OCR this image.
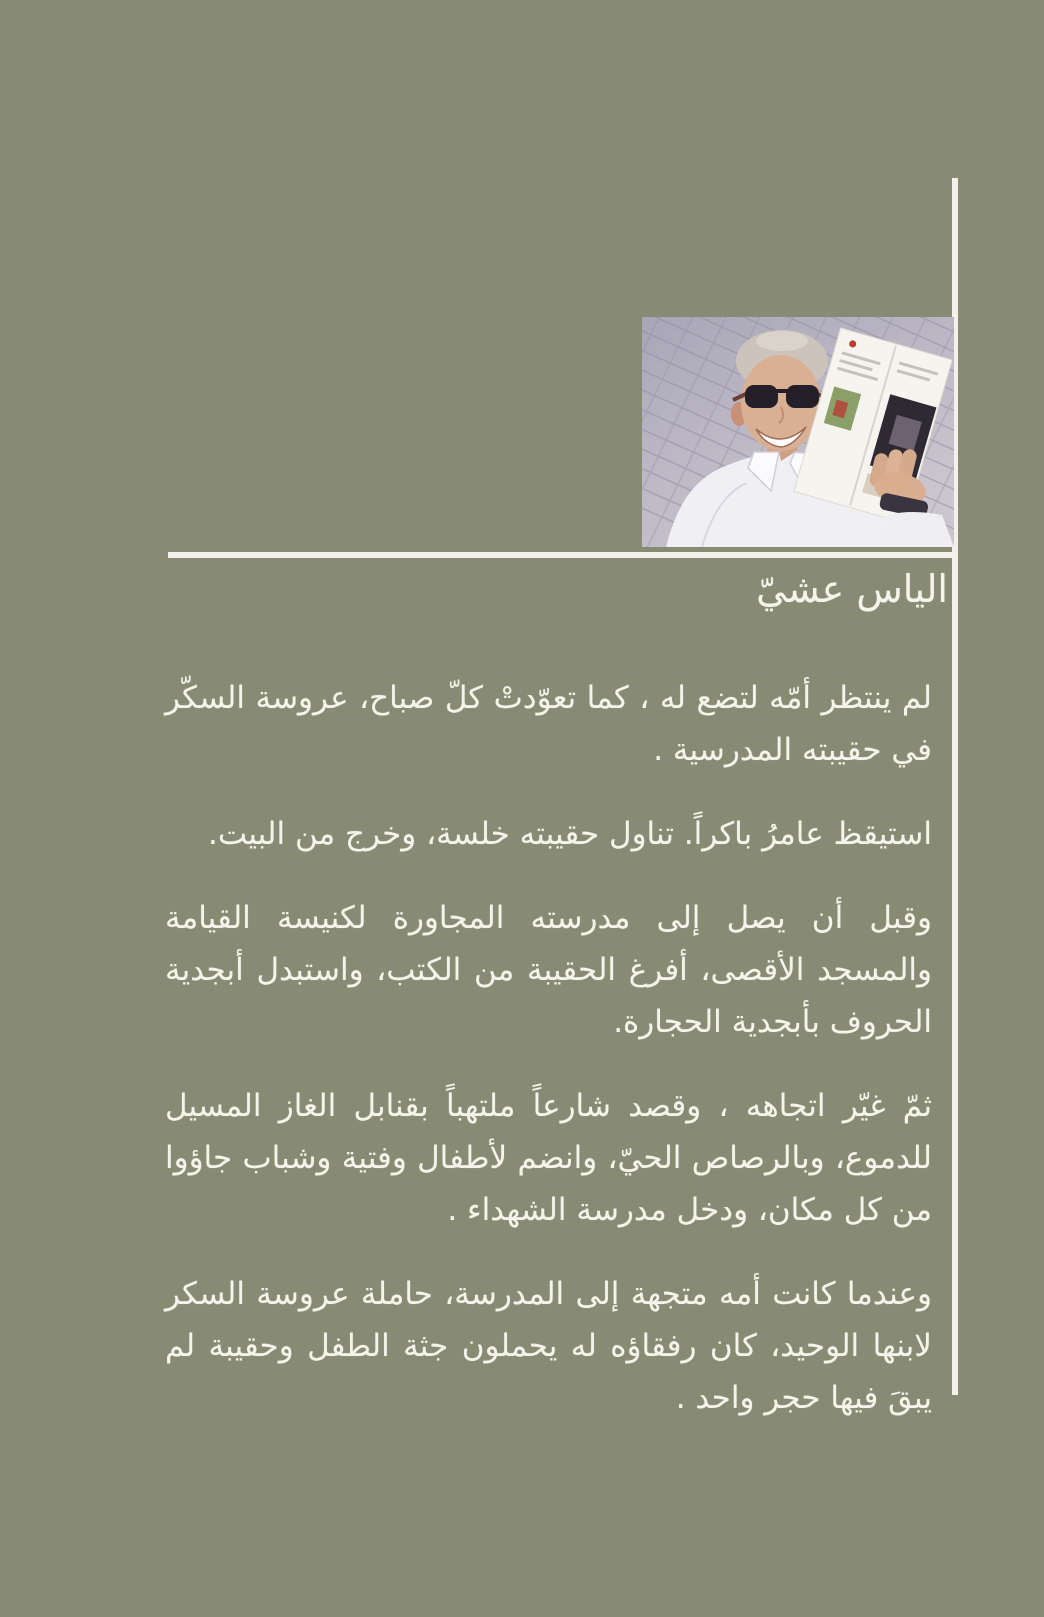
الياس عشيّ

لم ينتظر أمّه لتضع له ، كما تعوّدتْ كلّ صباح، عروسة السكّر في حقيبته المدرسية .

استيقظ عامرُ باكراً. تناول حقيبته خلسة، وخرج من البيت.

وقبل أن يصل إلى مدرسته المجاورة لكنيسة القيامة والمسجد الأقصى، أفرغ الحقيبة من الكتب، واستبدل أبجدية الحروف بأبجدية الحجارة.

ثمّ غيّر اتجاهه ، وقصد شارعاً ملتهباً بقنابل الغاز المسيل للدموع، وبالرصاص الحيّ، وانضم لأطفال وفتية وشباب جاؤوا من كل مكان، ودخل مدرسة الشهداء .

وعندما كانت أمه متجهة إلى المدرسة، حاملة عروسة السكر لابنها الوحيد، كان رفقاؤه له يحملون جثة الطفل وحقيبة لم يبقَ فيها حجر واحد .
